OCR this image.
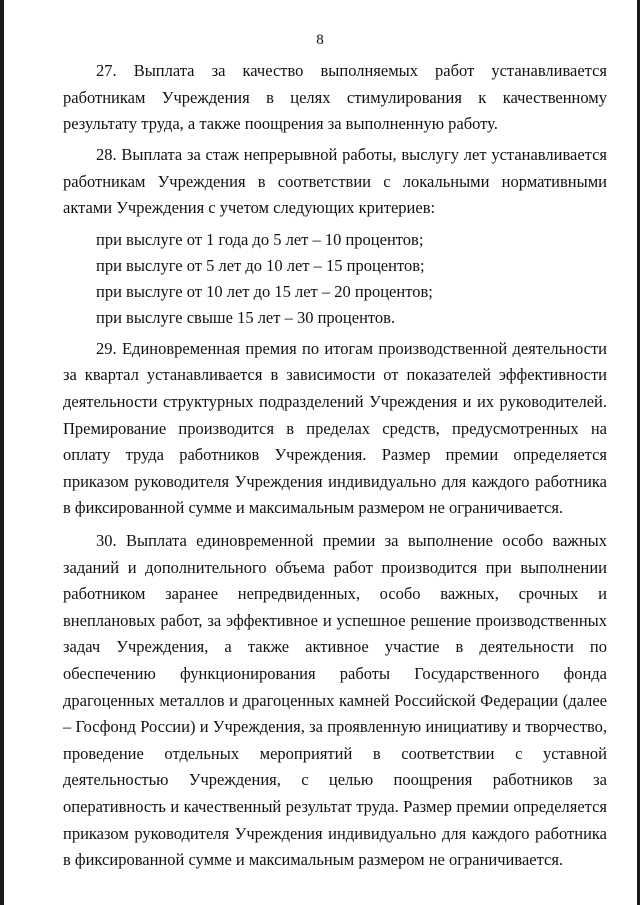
8

27. Выплата за качество выполняемых работ устанавливается работникам Учреждения в целях стимулирования к качественному результату труда, а также поощрения за выполненную работу.

28. Выплата за стаж непрерывной работы, выслугу лет устанавливается работникам Учреждения в соответствии с локальными нормативными актами Учреждения с учетом следующих критериев:

при выслуге от 1 года до 5 лет – 10 процентов;

при выслуге от 5 лет до 10 лет – 15 процентов;

при выслуге от 10 лет до 15 лет – 20 процентов;

при выслуге свыше 15 лет – 30 процентов.

29. Единовременная премия по итогам производственной деятельности за квартал устанавливается в зависимости от показателей эффективности деятельности структурных подразделений Учреждения и их руководителей. Премирование производится в пределах средств, предусмотренных на оплату труда работников Учреждения. Размер премии определяется приказом руководителя Учреждения индивидуально для каждого работника в фиксированной сумме и максимальным размером не ограничивается.

30. Выплата единовременной премии за выполнение особо важных заданий и дополнительного объема работ производится при выполнении работником заранее непредвиденных, особо важных, срочных и внеплановых работ, за эффективное и успешное решение производственных задач Учреждения, а также активное участие в деятельности по обеспечению функционирования работы Государственного фонда драгоценных металлов и драгоценных камней Российской Федерации (далее – Госфонд России) и Учреждения, за проявленную инициативу и творчество, проведение отдельных мероприятий в соответствии с уставной деятельностью Учреждения, с целью поощрения работников за оперативность и качественный результат труда. Размер премии определяется приказом руководителя Учреждения индивидуально для каждого работника в фиксированной сумме и максимальным размером не ограничивается.
